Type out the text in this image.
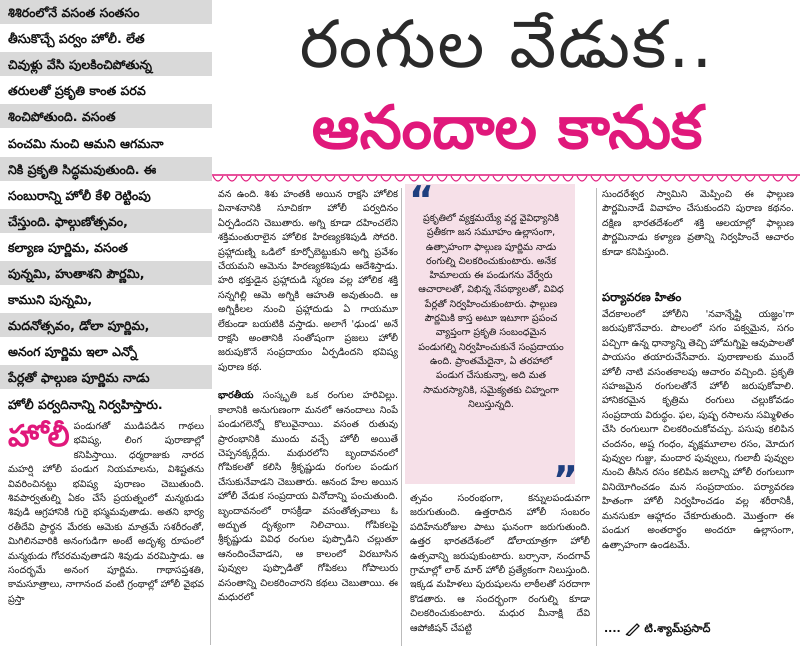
శిశిరంలోనే వసంత సంతసం
తీసుకొచ్చే పర్వం హోలీ. లేత
చివుళ్లు వేసి పులకించిపోతున్న
తరులతో ప్రకృతి కాంత పరవ
శించిపోతుంది. వసంత
పంచమి నుంచి ఆమని ఆగమనా
నికి ప్రకృతి సిద్ధమవుతుంది. ఈ
సంబురాన్ని హోలీ కేళి రెట్టింపు
చేస్తుంది. ఫాల్గుణోత్సవం,
కల్యాణ పూర్ణిమ, వసంత
పున్నమి, హుతాశని పౌర్ణమి,
కాముని పున్నమి,
మదనోత్సవం, డోలా పూర్ణిమ,
అనంగ పూర్ణిమ ఇలా ఎన్నో
పేర్లతో ఫాల్గుణ పూర్ణిమ నాడు
హోలీ పర్వదినాన్ని నిర్వహిస్తారు.
రంగుల వేడుక..
ఆనందాల కానుక

హోలీ పండుగతో ముడిపడిన గాథలు భవిష్య, లింగ పురాణాల్లో కనిపిస్తాయి. ధర్మరాజుకు నారద మహర్షి హోలీ పండుగ నియమాలను, విశిష్టతను వివరించినట్టు భవిష్య పురాణం చెబుతుంది. శివపార్వతుల్ని ఏకం చేసే ప్రయత్నంలో మన్మథుడు శివుడి ఆగ్రహానికి గురై భస్మమవుతాడు. అతని భార్య రతీదేవి ప్రార్థన మేరకు ఆమెకు మాత్రమే సశరీరంతో, మిగిలినవారికి అనంగుడిగా అంటే అదృశ్య రూపంలో మన్మథుడు గోచరమవుతాడని శివుడు వరమిస్తాడు. ఆ సందర్భమే అనంగ పూర్ణిమ. గాథాసప్తశతి, కామసూత్రాలు, నాగానంద వంటి గ్రంథాల్లో హోలీ వైభవ ప్రస్తా

వన ఉంది. శిశు హంతకి అయిన రాక్షసి హోలిక వినాశనానికి సూచికగా హోలీ పర్వదినం ఏర్పడిందని చెబుతారు. అగ్ని కూడా దహించలేని శక్తిమంతురాలైన హోలిక హిరణ్యకశిపుడి సోదరి. ప్రహ్లాదుణ్ని ఒడిలో కూర్చోబెట్టుకుని అగ్ని ప్రవేశం చేయమని ఆమెను హిరణ్యకశిపుడు ఆదేశిస్తాడు. హరి భక్తుడైన ప్రహ్లాదుడి స్మరణ వల్ల హోలిక శక్తి సన్నగిల్లి ఆమె అగ్నికి ఆహుతి అవుతుంది. ఆ అగ్నికీలల నుంచి ప్రహ్లాదుడు ఏ గాయమూ లేకుండా బయటికి వస్తాడు. అలాగే 'ఢుండ' అనే రాక్షసి అంతానికి సంతోషంగా ప్రజలు హోలీ జరుపుకొనే సంప్రదాయం ఏర్పడిందని భవిష్య పురాణ కథ.

భారతీయ సంస్కృతి ఒక రంగుల హరివిల్లు. కాలానికి అనుగుణంగా మనలో ఆనందాలు నింపే పండుగలెన్నో కొలువైనాయి. వసంత రుతువు ప్రారంభానికి ముందు వచ్చే హోలీ అయితే చెప్పనక్కర్లేదు. మథురలోని బృందావనంలో గోపికలతో కలిసి శ్రీకృష్ణుడు రంగుల పండుగ చేసుకునేవాడని చెబుతారు. ఆనంద హేల అయిన హోలీ వేడుక సంప్రదాయ వినోదాన్ని పంచుతుంది. బృందావనంలో రాసక్రీడా వసంతోత్సవాలు ఓ అద్భుత దృశ్యంగా నిలిచాయి. గోపికలపై శ్రీకృష్ణుడు వివిధ రంగుల పుప్పొడిని చల్లుతూ ఆనందించేవాడని, ఆ కాలంలో విరబూసిన పువ్వుల పుప్పొడితో గోపికలు గోపాలురు వసంతాన్ని చిలకరించారని కథలు చెబుతాయి. ఈ మధురలో

“
ప్రకృతిలో వ్యక్తమయ్యే వర్ణ వైవిధ్యానికి ప్రతీకగా జన సమూహం ఉల్లాసంగా, ఉత్సాహంగా ఫాల్గుణ పూర్ణిమ నాడు రంగుల్ని చిలకరించుకుంటారు. అనేక హిమాలయ ఈ పండుగను వేర్వేరు ఆచారాలతో, విభిన్న నేపథ్యాలతో, వివిధ పేర్లతో నిర్వహించుకుంటారు. ఫాల్గుణ పౌర్ణమికి కాస్త అటూ ఇటూగా ప్రపంచ వ్యాప్తంగా ప్రకృతి సంబంధమైన పండుగల్ని నిర్వహించుకునే సంప్రదాయం ఉంది. ప్రాంతమేదైనా, ఏ తరహాలో పండుగ చేసుకున్నా, అది మత సామరస్యానికి, సమైక్యతకు చిహ్నంగా నిలుస్తున్నది.
”

త్సవం సంరంభంగా, కన్నులపండువగా జరుగుతుంది. ఉత్తరాదిన హోలీ సంబరం పదిహేనురోజుల పాటు ఘనంగా జరుగుతుంది. ఉత్తర భారతదేశంలో డోలాయాత్రగా హోలీ ఉత్సవాన్ని జరుపుకుంటారు. బర్సానా, నందగావ్ గ్రామాల్లో లాఠ్ మార్ హోలీ ప్రత్యేకంగా నిలుస్తుంది. ఇక్కడ మహిళలు పురుషులను లాఠీలతో సరదాగా కొడతారు. ఆ సందర్భంగా రంగుల్ని కూడా చిలకరించుకుంటారు. మధుర మీనాక్షి దేవి ఆపోజీషన్ చేపట్టి

సుందరేశ్వర స్వామిని మెప్పించి ఈ ఫాల్గుణ పౌర్ణమినాడే వివాహం చేసుకుందని పురాణ కథనం. దక్షిణ భారతదేశంలో శక్తి ఆలయాల్లో ఫాల్గుణ పౌర్ణమినాడు కళ్యాణ వ్రతాన్ని నిర్వహించే ఆచారం కూడా కనిపిస్తుంది.

పర్యావరణ హితం

వేదకాలంలో హోలీని 'నవాన్నేష్టి యజ్ఞం'గా జరుపుకొనేవారు. పొలంలో సగం పక్వమైన, సగం పచ్చిగా ఉన్న ధాన్యాన్ని తెచ్చి హోమగ్నిపై ఆవుపాలతో పాయసం తయారుచేసేవారు. పురాణాలకు ముందే హోలీ నాటి వసంతకాలపు ఆచారం వచ్చింది. ప్రకృతి సహజమైన రంగులతోనే హోలీ జరుపుకోవాలి. హానికరమైన కృత్రిమ రంగులు చల్లుకోవడం సంప్రదాయ విరుద్ధం. ఫల, పుష్ప రసాలను సమ్మిళితం చేసి రంగులుగా చిలకరించుకోవచ్చు. పసుపు కలిపిన చందనం, అష్ట గంధం, వృక్షమూలాల రసం, మోదుగ పువ్వుల గుజ్జు, మందార పువ్వులు, గులాబీ పువ్వుల నుంచి తీసిన రసం కలిపిన జలాన్ని హోలీ రంగులుగా వినియోగించడం మన సంప్రదాయం. పర్యావరణ హితంగా హోలీ నిర్వహించడం వల్ల శరీరానికీ, మనసుకూ ఆహ్లాదం చేకూరుతుంది. మొత్తంగా ఈ పండుగ అంతరార్థం అందరూ ఉల్లాసంగా, ఉత్సాహంగా ఉండటమే.

.... టి.శ్యామ్‌ప్రసాద్
